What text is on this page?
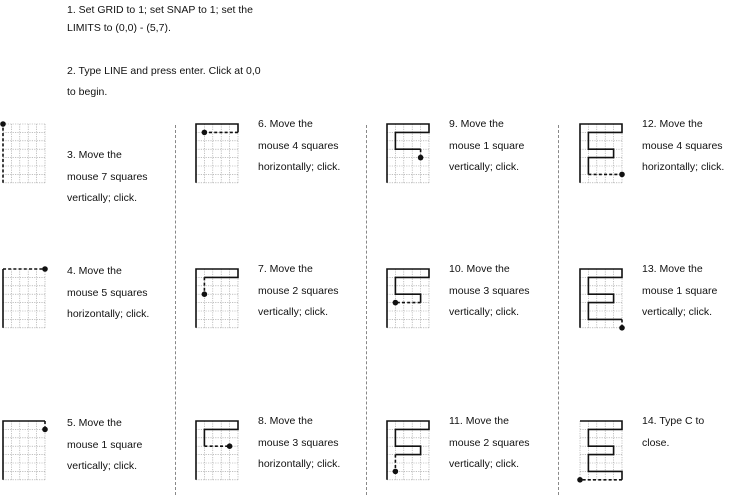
1. Set GRID to 1; set SNAP to 1; set the
LIMITS to (0,0) - (5,7).
2. Type LINE and press enter. Click at 0,0
to begin.
3. Move the
mouse 7 squares
vertically; click.
4. Move the
mouse 5 squares
horizontally; click.
5. Move the
mouse 1 square
vertically; click.
6. Move the
mouse 4 squares
horizontally; click.
7. Move the
mouse 2 squares
vertically; click.
8. Move the
mouse 3 squares
horizontally; click.
9. Move the
mouse 1 square
vertically; click.
10. Move the
mouse 3 squares
vertically; click.
11. Move the
mouse 2 squares
vertically; click.
12. Move the
mouse 4 squares
horizontally; click.
13. Move the
mouse 1 square
vertically; click.
14. Type C to
close.
